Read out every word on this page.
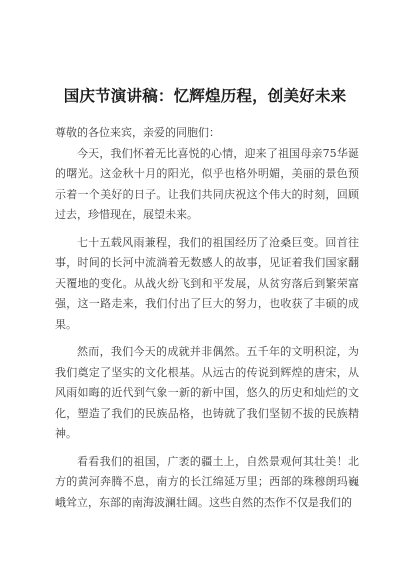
国庆节演讲稿：忆辉煌历程，创美好未来

尊敬的各位来宾，亲爱的同胞们：

今天，我们怀着无比喜悦的心情，迎来了祖国母亲75华诞的曙光。这金秋十月的阳光，似乎也格外明媚，美丽的景色预示着一个美好的日子。让我们共同庆祝这个伟大的时刻，回顾过去，珍惜现在，展望未来。

七十五载风雨兼程，我们的祖国经历了沧桑巨变。回首往事，时间的长河中流淌着无数感人的故事，见证着我们国家翻天覆地的变化。从战火纷飞到和平发展，从贫穷落后到繁荣富强，这一路走来，我们付出了巨大的努力，也收获了丰硕的成果。

然而，我们今天的成就并非偶然。五千年的文明积淀，为我们奠定了坚实的文化根基。从远古的传说到辉煌的唐宋，从风雨如晦的近代到气象一新的新中国，悠久的历史和灿烂的文化，塑造了我们的民族品格，也铸就了我们坚韧不拔的民族精神。

看看我们的祖国，广袤的疆土上，自然景观何其壮美！北方的黄河奔腾不息，南方的长江绵延万里；西部的珠穆朗玛巍峨耸立，东部的南海波澜壮阔。这些自然的杰作不仅是我们的
